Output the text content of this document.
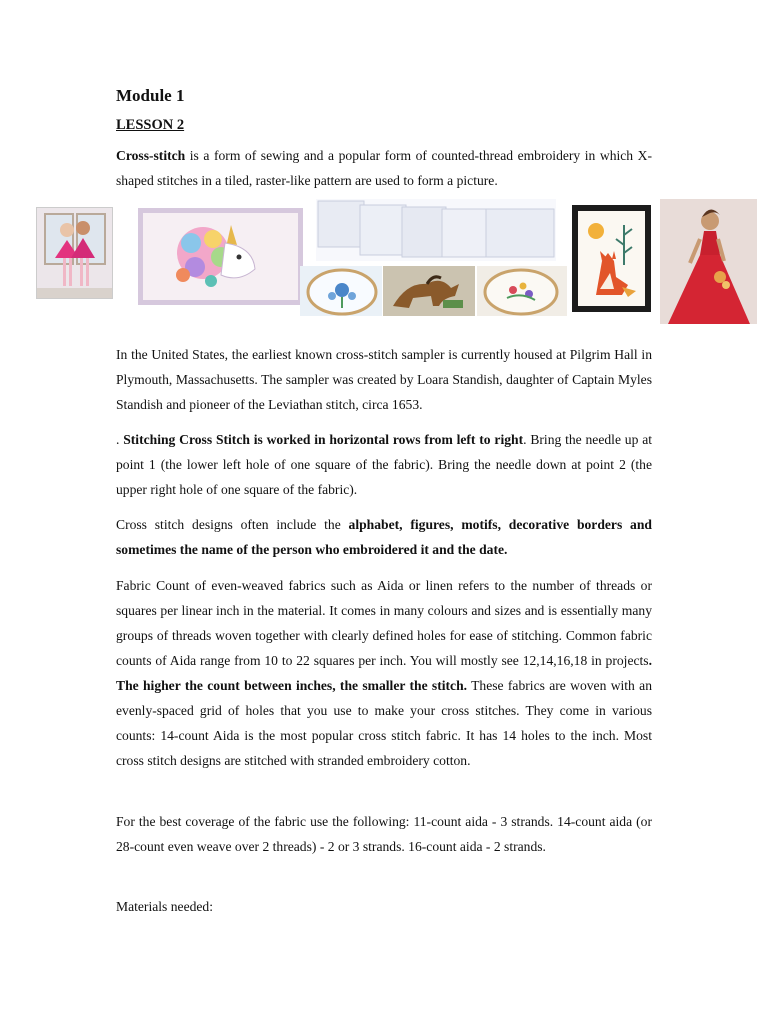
Module 1
LESSON 2

Cross-stitch is a form of sewing and a popular form of counted-thread embroidery in which X-shaped stitches in a tiled, raster-like pattern are used to form a picture.

In the United States, the earliest known cross-stitch sampler is currently housed at Pilgrim Hall in Plymouth, Massachusetts. The sampler was created by Loara Standish, daughter of Captain Myles Standish and pioneer of the Leviathan stitch, circa 1653.

. Stitching Cross Stitch is worked in horizontal rows from left to right. Bring the needle up at point 1 (the lower left hole of one square of the fabric). Bring the needle down at point 2 (the upper right hole of one square of the fabric).

Cross stitch designs often include the alphabet, figures, motifs, decorative borders and sometimes the name of the person who embroidered it and the date.

Fabric Count of even-weaved fabrics such as Aida or linen refers to the number of threads or squares per linear inch in the material. It comes in many colours and sizes and is essentially many groups of threads woven together with clearly defined holes for ease of stitching. Common fabric counts of Aida range from 10 to 22 squares per inch. You will mostly see 12,14,16,18 in projects. The higher the count between inches, the smaller the stitch. These fabrics are woven with an evenly-spaced grid of holes that you use to make your cross stitches. They come in various counts: 14-count Aida is the most popular cross stitch fabric. It has 14 holes to the inch. Most cross stitch designs are stitched with stranded embroidery cotton.

For the best coverage of the fabric use the following: 11-count aida - 3 strands. 14-count aida (or 28-count even weave over 2 threads) - 2 or 3 strands. 16-count aida - 2 strands.

Materials needed:
